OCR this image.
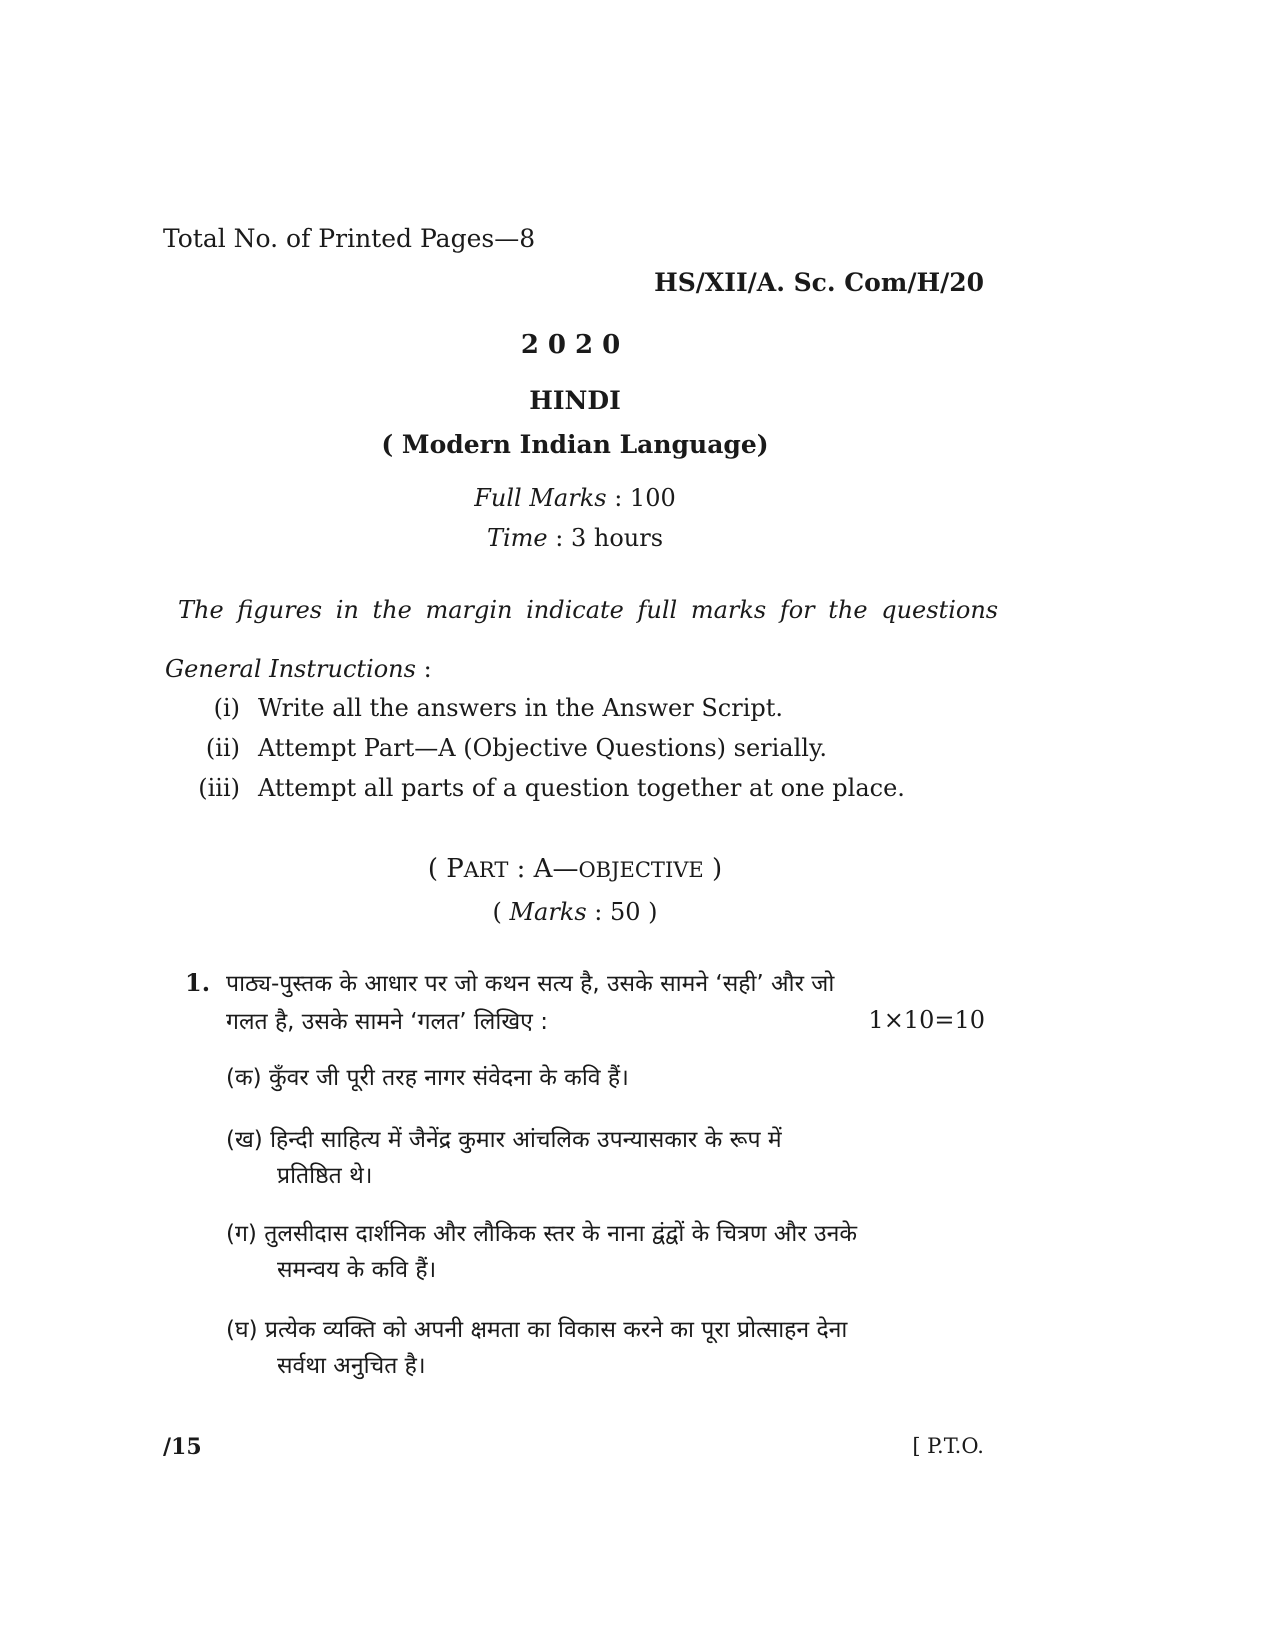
Total No. of Printed Pages—8
HS/XII/A. Sc. Com/H/20
2020
HINDI
( Modern Indian Language)
Full Marks : 100
Time : 3 hours
The figures in the margin indicate full marks for the questions
General Instructions :
(i) Write all the answers in the Answer Script.
(ii) Attempt Part—A (Objective Questions) serially.
(iii) Attempt all parts of a question together at one place.
( PART : A—OBJECTIVE )
( Marks : 50 )
1. पाठ्य-पुस्तक के आधार पर जो कथन सत्य है, उसके सामने ‘सही’ और जो
गलत है, उसके सामने ‘गलत’ लिखिए :	1×10=10
(क) कुँवर जी पूरी तरह नागर संवेदना के कवि हैं।
(ख) हिन्दी साहित्य में जैनेंद्र कुमार आंचलिक उपन्यासकार के रूप में
प्रतिष्ठित थे।
(ग) तुलसीदास दार्शनिक और लौकिक स्तर के नाना द्वंद्वों के चित्रण और उनके
समन्वय के कवि हैं।
(घ) प्रत्येक व्यक्ति को अपनी क्षमता का विकास करने का पूरा प्रोत्साहन देना
सर्वथा अनुचित है।
/15	[ P.T.O.
